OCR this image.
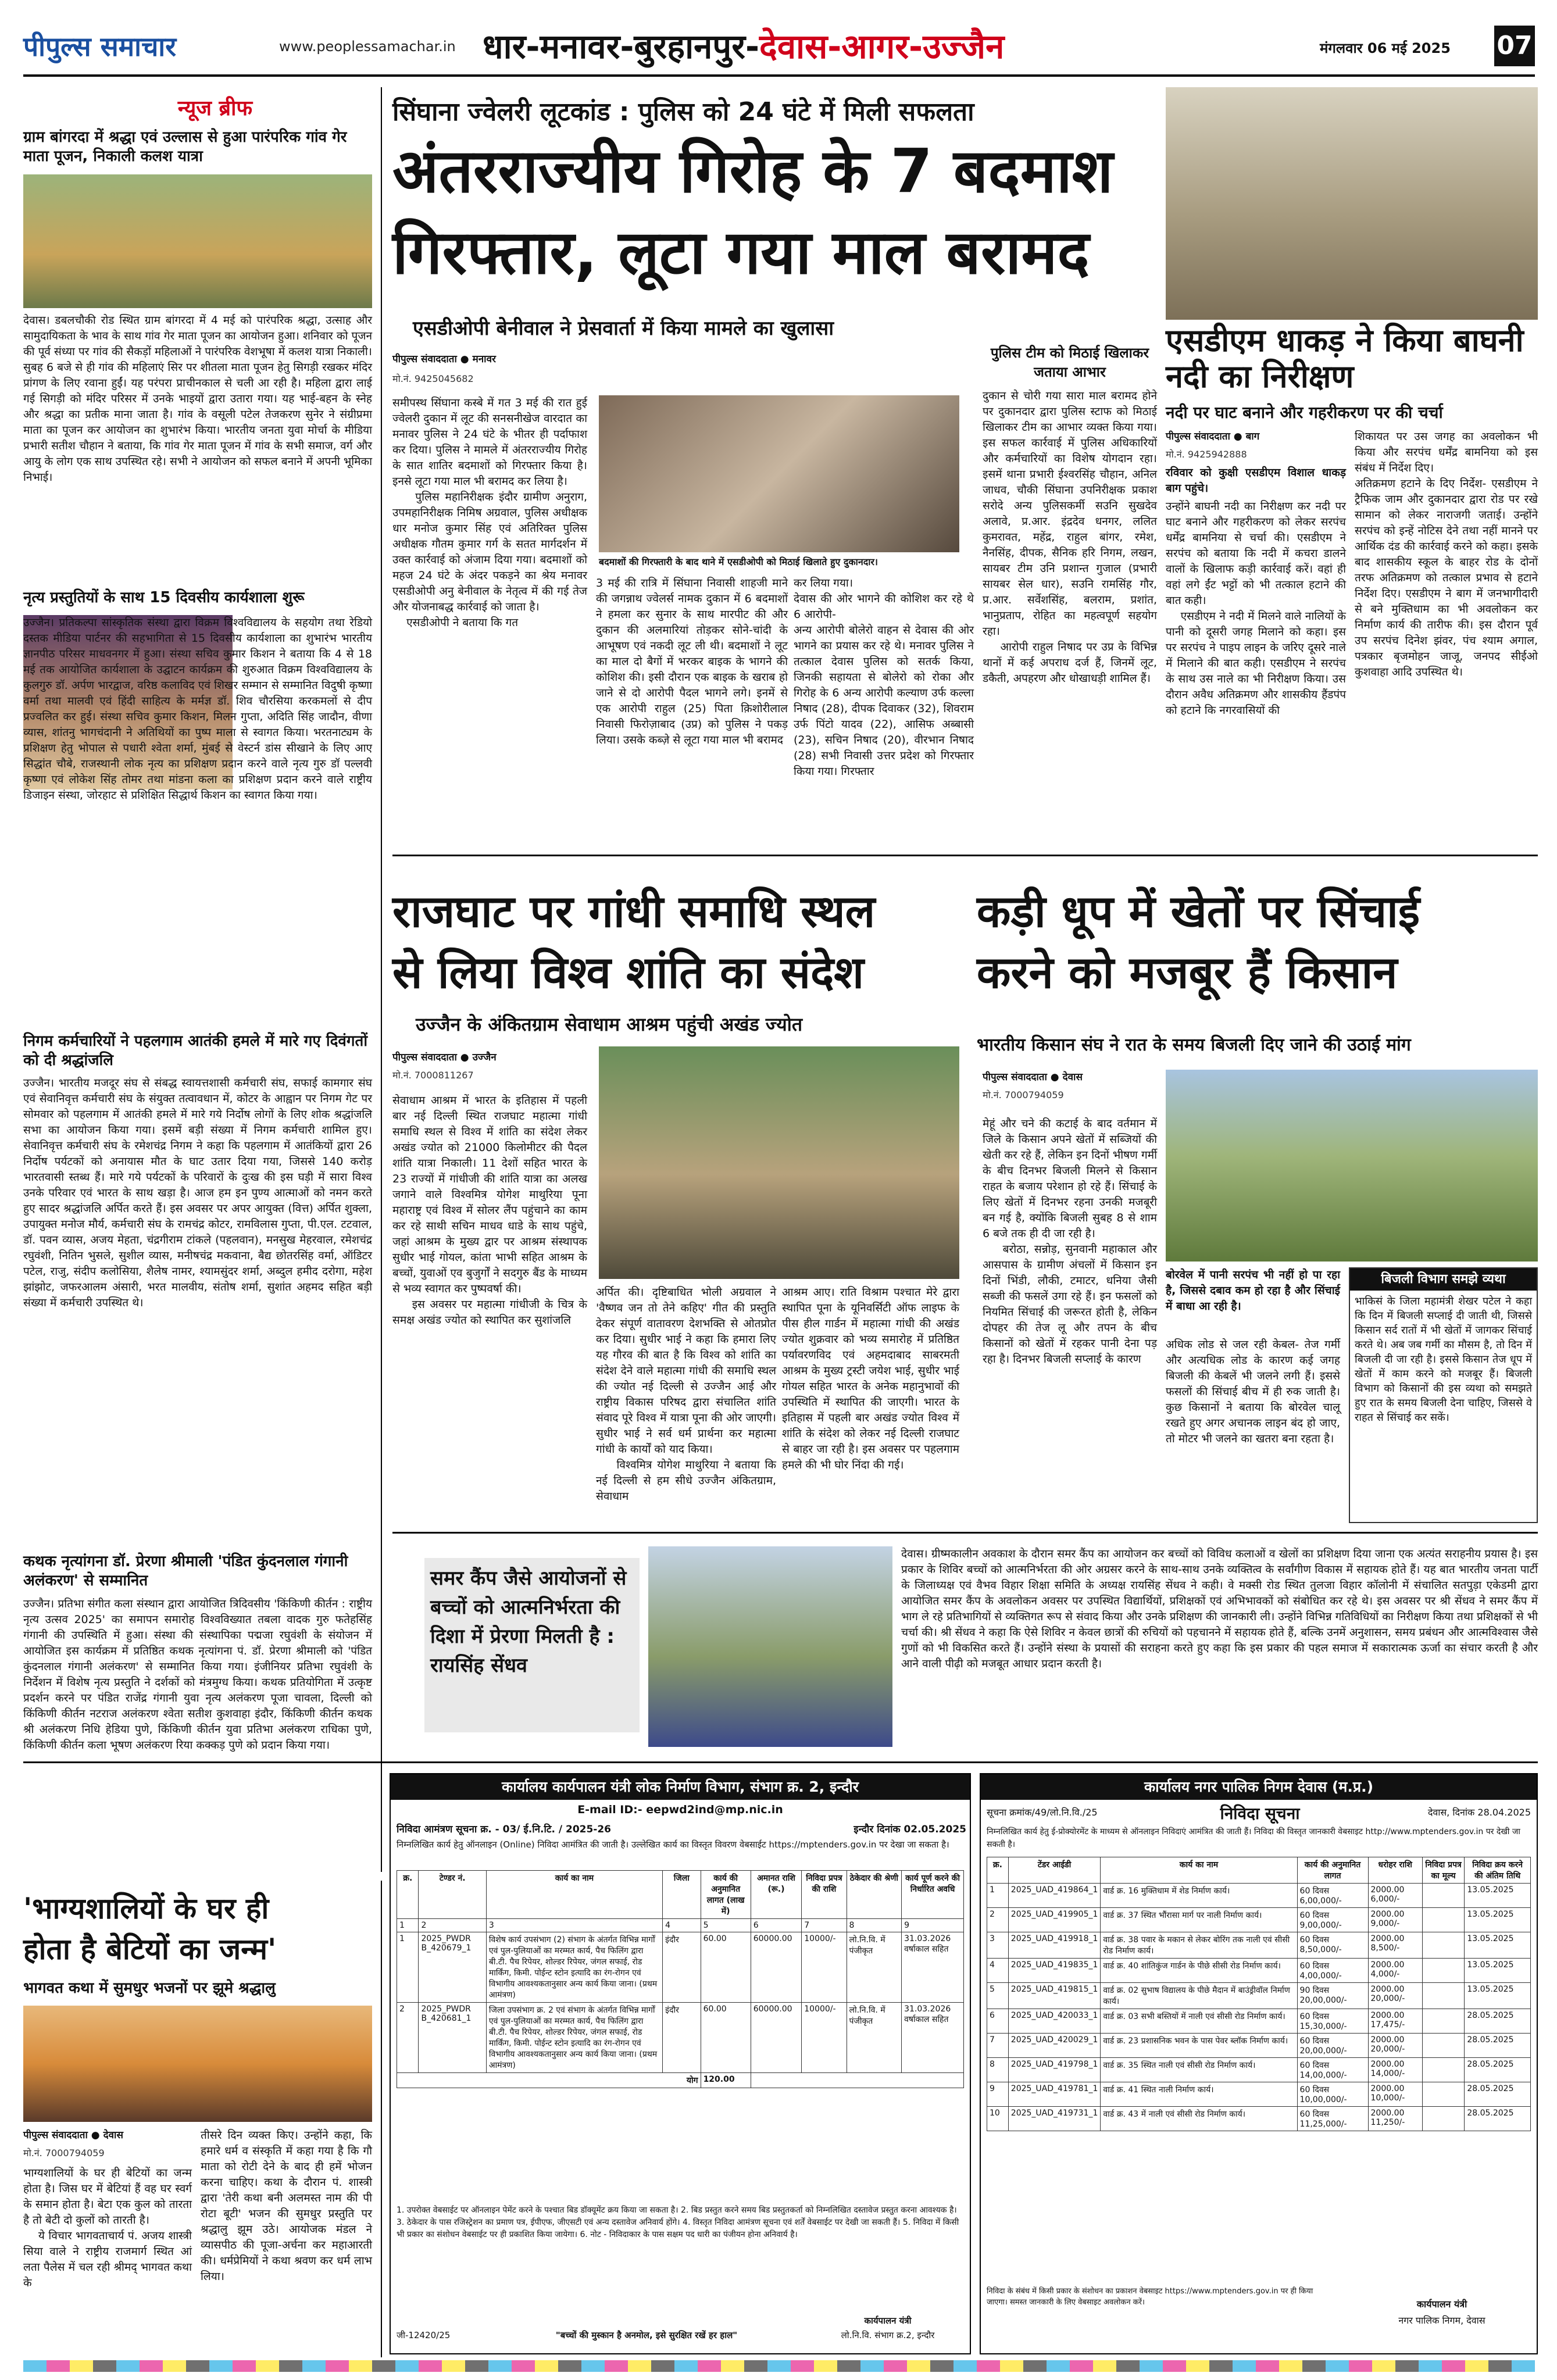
पीपुल्स समाचार	www.peoplessamachar.in धार-मनावर-बुरहानपुर-देवास-आगर-उज्जैन	मंगलवार 06 मई 2025	07
न्यूज ब्रीफ
ग्राम बांगरदा में श्रद्धा एवं उल्लास से हुआ पारंपरिक गांव गेर माता पूजन, निकाली कलश यात्रा
देवास। डबलचौकी रोड स्थित ग्राम बांगरदा में 4 मई को पारंपरिक श्रद्धा, उत्साह और सामुदायिकता के भाव के साथ गांव गेर माता पूजन का आयोजन हुआ। शनिवार को पूजन की पूर्व संध्या पर गांव की सैकड़ों महिलाओं ने पारंपरिक वेशभूषा में कलश यात्रा निकाली। सुबह 6 बजे से ही गांव की महिलाएं सिर पर शीतला माता पूजन हेतु सिगड़ी रखकर मंदिर प्रांगण के लिए रवाना हुईं। यह परंपरा प्राचीनकाल से चली आ रही है। महिला द्वारा लाई गई सिगड़ी को मंदिर परिसर में उनके भाइयों द्वारा उतारा गया। यह भाई-बहन के स्नेह और श्रद्धा का प्रतीक माना जाता है। गांव के वसूली पटेल तेजकरण सुनेर ने संग्रीप्रमा माता का पूजन कर आयोजन का शुभारंभ किया। भारतीय जनता युवा मोर्चा के मीडिया प्रभारी सतीश चौहान ने बताया, कि गांव गेर माता पूजन में गांव के सभी समाज, वर्ग और आयु के लोग एक साथ उपस्थित रहे। सभी ने आयोजन को सफल बनाने में अपनी भूमिका निभाई।
नृत्य प्रस्तुतियों के साथ 15 दिवसीय कार्यशाला शुरू
उज्जैन। प्रतिकल्पा सांस्कृतिक संस्था द्वारा विक्रम विश्वविद्यालय के सहयोग तथा रेडियो दस्तक मीडिया पार्टनर की सहभागिता से 15 दिवसीय कार्यशाला का शुभारंभ भारतीय ज्ञानपीठ परिसर माधवनगर में हुआ। संस्था सचिव कुमार किशन ने बताया कि 4 से 18 मई तक आयोजित कार्यशाला के उद्घाटन कार्यक्रम की शुरुआत विक्रम विश्वविद्यालय के कुलगुरु डॉ. अर्पण भारद्वाज, वरिष्ठ कलाविद एवं शिखर सम्मान से सम्मानित विदुषी कृष्णा वर्मा तथा मालवी एवं हिंदी साहित्य के मर्मज्ञ डॉ. शिव चौरसिया करकमलों से दीप प्रज्वलित कर हुई। संस्था सचिव कुमार किशन, मिलन गुप्ता, अदिति सिंह जादौन, वीणा व्यास, शांतनु भागचंदानी ने अतिथियों का पुष्प माला से स्वागत किया। भरतनाट्यम के प्रशिक्षण हेतु भोपाल से पधारी श्वेता शर्मा, मुंबई से वेस्टर्न डांस सीखाने के लिए आए सिद्धांत चौबे, राजस्थानी लोक नृत्य का प्रशिक्षण प्रदान करने वाले नृत्य गुरु डॉ पल्लवी कृष्णा एवं लोकेश सिंह तोमर तथा मांडना कला का प्रशिक्षण प्रदान करने वाले राष्ट्रीय डिजाइन संस्था, जोरहाट से प्रशिक्षित सिद्धार्थ किशन का स्वागत किया गया।
निगम कर्मचारियों ने पहलगाम आतंकी हमले में मारे गए दिवंगतों को दी श्रद्धांजलि
उज्जैन। भारतीय मजदूर संघ से संबद्ध स्वायत्तशासी कर्मचारी संघ, सफाई कामगार संघ एवं सेवानिवृत्त कर्मचारी संघ के संयुक्त तत्वावधान में, कोटर के आह्वान पर निगम गेट पर सोमवार को पहलगाम में आतंकी हमले में मारे गये निर्दोष लोगों के लिए शोक श्रद्धांजलि सभा का आयोजन किया गया। इसमें बड़ी संख्या में निगम कर्मचारी शामिल हुए। सेवानिवृत्त कर्मचारी संघ के रमेशचंद्र निगम ने कहा कि पहलगाम में आतंकियों द्वारा 26 निर्दोष पर्यटकों को अनायास मौत के घाट उतार दिया गया, जिससे 140 करोड़ भारतवासी स्तब्ध हैं। मारे गये पर्यटकों के परिवारों के दुःख की इस घड़ी में सारा विश्व उनके परिवार एवं भारत के साथ खड़ा है। आज हम इन पुण्य आत्माओं को नमन करते हुए सादर श्रद्धांजलि अर्पित करते हैं। इस अवसर पर अपर आयुक्त (वित्त) अर्पित शुक्ला, उपायुक्त मनोज मौर्य, कर्मचारी संघ के रामचंद्र कोटर, रामविलास गुप्ता, पी.एल. टटवाल, डॉ. पवन व्यास, अजय मेहता, चंद्रगीराम टांकले (पहलवान), मनसुख मेहरवाल, रमेशचंद्र रघुवंशी, नितिन भुसले, सुशील व्यास, मनीषचंद्र मकवाना, बैद्य छोतरसिंह वर्मा, ऑडिटर पटेल, राजु, संदीप कलोसिया, शैलेष नामर, श्यामसुंदर शर्मा, अब्दुल हमीद दरोगा, महेश झांझोट, जफरआलम अंसारी, भरत मालवीय, संतोष शर्मा, सुशांत अहमद सहित बड़ी संख्या में कर्मचारी उपस्थित थे।
कथक नृत्यांगना डॉ. प्रेरणा श्रीमाली 'पंडित कुंदनलाल गंगानी अलंकरण' से सम्मानित
उज्जैन। प्रतिभा संगीत कला संस्थान द्वारा आयोजित त्रिदिवसीय 'किंकिणी कीर्तन : राष्ट्रीय नृत्य उत्सव 2025' का समापन समारोह विश्वविख्यात तबला वादक गुरु फतेहसिंह गंगानी की उपस्थिति में हुआ। संस्था की संस्थापिका पद्मजा रघुवंशी के संयोजन में आयोजित इस कार्यक्रम में प्रतिष्ठित कथक नृत्यांगना पं. डॉ. प्रेरणा श्रीमाली को 'पंडित कुंदनलाल गंगानी अलंकरण' से सम्मानित किया गया। इंजीनियर प्रतिभा रघुवंशी के निर्देशन में विशेष नृत्य प्रस्तुति ने दर्शकों को मंत्रमुग्ध किया। कथक प्रतियोगिता में उत्कृष्ट प्रदर्शन करने पर पंडित राजेंद्र गंगानी युवा नृत्य अलंकरण पूजा चावला, दिल्ली को किंकिणी कीर्तन नटराज अलंकरण श्वेता सतीश कुशवाहा इंदौर, किंकिणी कीर्तन कथक श्री अलंकरण निधि हेडिया पुणे, किंकिणी कीर्तन युवा प्रतिभा अलंकरण राधिका पुणे, किंकिणी कीर्तन कला भूषण अलंकरण रिया कक्कड़ पुणे को प्रदान किया गया।
सिंघाना ज्वेलरी लूटकांड : पुलिस को 24 घंटे में मिली सफलता
अंतरराज्यीय गिरोह के 7 बदमाश
गिरफ्तार, लूटा गया माल बरामद
एसडीओपी बेनीवाल ने प्रेसवार्ता में किया मामले का खुलासा
पीपुल्स संवाददाता ● मनावर
मो.नं. 9425045682
बदमाशों की गिरफ्तारी के बाद थाने में एसडीओपी को मिठाई खिलाते हुए दुकानदार।
समीपस्थ सिंघाना कस्बे में गत 3 मई की रात हुई ज्वेलरी दुकान में लूट की सनसनीखेज वारदात का मनावर पुलिस ने 24 घंटे के भीतर ही पर्दाफाश कर दिया। पुलिस ने मामले में अंतरराज्यीय गिरोह के सात शातिर बदमाशों को गिरफ्तार किया है। इनसे लूटा गया माल भी बरामद कर लिया है।
पुलिस महानिरीक्षक इंदौर ग्रामीण अनुराग, उपमहानिरीक्षक निमिष अग्रवाल, पुलिस अधीक्षक धार मनोज कुमार सिंह एवं अतिरिक्त पुलिस अधीक्षक गौतम कुमार गर्ग के सतत मार्गदर्शन में उक्त कार्रवाई को अंजाम दिया गया। बदमाशों को महज 24 घंटे के अंदर पकड़ने का श्रेय मनावर एसडीओपी अनु बेनीवाल के नेतृत्व में की गई तेज और योजनाबद्ध कार्रवाई को जाता है।
एसडीओपी ने बताया कि गत
3 मई की रात्रि में सिंघाना निवासी शाहजी माने की जगन्नाथ ज्वेलर्स नामक दुकान में 6 बदमाशों ने हमला कर सुनार के साथ मारपीट की और दुकान की अलमारियां तोड़कर सोने-चांदी के आभूषण एवं नकदी लूट ली थी। बदमाशों ने लूट का माल दो बैगों में भरकर बाइक के भागने की कोशिश की। इसी दौरान एक बाइक के खराब हो जाने से दो आरोपी पैदल भागने लगे। इनमें से एक आरोपी राहुल (25) पिता क़िशोरीलाल निवासी फिरोज़ाबाद (उप्र) को पुलिस ने पकड़ लिया। उसके कब्ज़े से लूटा गया माल भी बरामद
कर लिया गया।
देवास की ओर भागने की कोशिश कर रहे थे 6 आरोपी-
अन्य आरोपी बोलेरो वाहन से देवास की ओर भागने का प्रयास कर रहे थे। मनावर पुलिस ने तत्काल देवास पुलिस को सतर्क किया, जिनकी सहायता से बोलेरो को रोका और गिरोह के 6 अन्य आरोपी कल्याण उर्फ कल्ला निषाद (28), दीपक दिवाकर (32), शिवराम उर्फ पिंटो यादव (22), आसिफ अब्बासी (23), सचिन निषाद (20), वीरभान निषाद (28) सभी निवासी उत्तर प्रदेश को गिरफ्तार किया गया। गिरफ्तार
पुलिस टीम को मिठाई खिलाकर जताया आभार
दुकान से चोरी गया सारा माल बरामद होने पर दुकानदार द्वारा पुलिस स्टाफ को मिठाई खिलाकर टीम का आभार व्यक्त किया गया। इस सफल कार्रवाई में पुलिस अधिकारियों और कर्मचारियों का विशेष योगदान रहा। इसमें थाना प्रभारी ईश्वरसिंह चौहान, अनिल जाधव, चौकी सिंघाना उपनिरीक्षक प्रकाश सरोदे अन्य पुलिसकर्मी सउनि सुखदेव अलावे, प्र.आर. इंद्रदेव धनगर, ललित कुमरावत, महेंद्र, राहुल बांगर, रमेश, नैनसिंह, दीपक, सैनिक हरि निगम, लखन, सायबर टीम उनि प्रशान्त गुजाल (प्रभारी सायबर सेल धार), सउनि रामसिंह गौर, प्र.आर. सर्वेशसिंह, बलराम, प्रशांत, भानुप्रताप, रोहित का महत्वपूर्ण सहयोग रहा।
आरोपी राहुल निषाद पर उप्र के विभिन्न थानों में कई अपराध दर्ज हैं, जिनमें लूट, डकैती, अपहरण और धोखाधड़ी शामिल हैं।
एसडीएम धाकड़ ने किया बाघनी नदी का निरीक्षण
नदी पर घाट बनाने और गहरीकरण पर की चर्चा
पीपुल्स संवाददाता ● बाग
मो.नं. 9425942888
रविवार को कुक्षी एसडीएम विशाल धाकड़ बाग पहुंचे।
उन्होंने बाघनी नदी का निरीक्षण कर नदी पर घाट बनाने और गहरीकरण को लेकर सरपंच धर्मेंद्र बामनिया से चर्चा की। एसडीएम ने सरपंच को बताया कि नदी में कचरा डालने वालों के खिलाफ कड़ी कार्रवाई करें। वहां ही वहां लगे ईंट भट्टों को भी तत्काल हटाने की बात कही।
एसडीएम ने नदी में मिलने वाले नालियों के पानी को दूसरी जगह मिलाने को कहा। इस पर सरपंच ने पाइप लाइन के जरिए दूसरे नाले में मिलाने की बात कही। एसडीएम ने सरपंच के साथ उस नाले का भी निरीक्षण किया। उस दौरान अवैध अतिक्रमण और शासकीय हैंडपंप को हटाने कि नगरवासियों की
शिकायत पर उस जगह का अवलोकन भी किया और सरपंच धर्मेंद्र बामनिया को इस संबंध में निर्देश दिए।
अतिक्रमण हटाने के दिए निर्देश- एसडीएम ने ट्रैफिक जाम और दुकानदार द्वारा रोड पर रखे सामान को लेकर नाराजगी जताई। उन्होंने सरपंच को इन्हें नोटिस देने तथा नहीं मानने पर आर्थिक दंड की कार्रवाई करने को कहा। इसके बाद शासकीय स्कूल के बाहर रोड के दोनों तरफ अतिक्रमण को तत्काल प्रभाव से हटाने निर्देश दिए। एसडीएम ने बाग में जनभागीदारी से बने मुक्तिधाम का भी अवलोकन कर निर्माण कार्य की तारीफ की। इस दौरान पूर्व उप सरपंच दिनेश झंवर, पंच श्याम अगाल, पत्रकार बृजमोहन जाजू, जनपद सीईओ कुशवाहा आदि उपस्थित थे।
राजघाट पर गांधी समाधि स्थल
से लिया विश्व शांति का संदेश
उज्जैन के अंकितग्राम सेवाधाम आश्रम पहुंची अखंड ज्योत
पीपुल्स संवाददाता ● उज्जैन
मो.नं. 7000811267
सेवाधाम आश्रम में भारत के इतिहास में पहली बार नई दिल्ली स्थित राजघाट महात्मा गांधी समाधि स्थल से विश्व में शांति का संदेश लेकर अखंड ज्योत को 21000 किलोमीटर की पैदल शांति यात्रा निकाली। 11 देशों सहित भारत के 23 राज्यों में गांधीजी की शांति यात्रा का अलख जगाने वाले विश्वमित्र योगेश माथुरिया पूना महाराष्ट्र एवं विश्व में सोलर लैंप पहुंचाने का काम कर रहे साथी सचिन माधव धाडे के साथ पहुंचे, जहां आश्रम के मुख्य द्वार पर आश्रम संस्थापक सुधीर भाई गोयल, कांता भाभी सहित आश्रम के बच्चों, युवाओं एव बुजुर्गों ने सदगुरु बैंड के माध्यम से भव्य स्वागत कर पुष्पवर्षा की।
इस अवसर पर महात्मा गांधीजी के चित्र के समक्ष अखंड ज्योत को स्थापित कर सुशांजलि
अर्पित की। दृष्टिबाधित भोली अग्रवाल ने 'वैष्णव जन तो तेने कहिए' गीत की प्रस्तुति देकर संपूर्ण वातावरण देशभक्ति से ओतप्रोत कर दिया। सुधीर भाई ने कहा कि हमारा लिए यह गौरव की बात है कि विश्व को शांति का संदेश देने वाले महात्मा गांधी की समाधि स्थल की ज्योत नई दिल्ली से उज्जैन आई और राष्ट्रीय विकास परिषद द्वारा संचालित शांति संवाद पूरे विश्व में यात्रा पूना की ओर जाएगी। सुधीर भाई ने सर्व धर्म प्रार्थना कर महात्मा गांधी के कार्यों को याद किया।
विश्वमित्र योगेश माथुरिया ने बताया कि नई दिल्ली से हम सीधे उज्जैन अंकितग्राम, सेवाधाम
आश्रम आए। राति विश्राम पश्चात मेरे द्वारा स्थापित पूना के यूनिवर्सिटी ऑफ लाइफ के पीस हील गार्डन में महात्मा गांधी की अखंड ज्योत शुक्रवार को भव्य समारोह में प्रतिष्ठित पर्यावरणविद एवं अहमदाबाद साबरमती आश्रम के मुख्य ट्रस्टी जयेश भाई, सुधीर भाई गोयल सहित भारत के अनेक महानुभावों की उपस्थिति में स्थापित की जाएगी। भारत के इतिहास में पहली बार अखंड ज्योत विश्व में शांति के संदेश को लेकर नई दिल्ली राजघाट से बाहर जा रही है। इस अवसर पर पहलगाम हमले की भी घोर निंदा की गई।
कड़ी धूप में खेतों पर सिंचाई
करने को मजबूर हैं किसान
भारतीय किसान संघ ने रात के समय बिजली दिए जाने की उठाई मांग
पीपुल्स संवाददाता ● देवास
मो.नं. 7000794059
मेहूं और चने की कटाई के बाद वर्तमान में जिले के किसान अपने खेतों में सब्जियों की खेती कर रहे हैं, लेकिन इन दिनों भीषण गर्मी के बीच दिनभर बिजली मिलने से किसान राहत के बजाय परेशान हो रहे हैं। सिंचाई के लिए खेतों में दिनभर रहना उनकी मजबूरी बन गई है, क्योंकि बिजली सुबह 8 से शाम 6 बजे तक ही दी जा रही है।
बरोठा, सन्नोड़, सुनवानी महाकाल और आसपास के ग्रामीण अंचलों में किसान इन दिनों भिंडी, लौकी, टमाटर, धनिया जैसी सब्जी की फसलें उगा रहे हैं। इन फसलों को नियमित सिंचाई की जरूरत होती है, लेकिन दोपहर की तेज लू और तपन के बीच किसानों को खेतों में रहकर पानी देना पड़ रहा है। दिनभर बिजली सप्लाई के कारण
बोरवेल में पानी सरपंच भी नहीं हो पा रहा है, जिससे दबाव कम हो रहा है और सिंचाई में बाधा आ रही है।
अधिक लोड से जल रही केबल- तेज गर्मी और अत्यधिक लोड के कारण कई जगह बिजली की केबलें भी जलने लगी हैं। इससे फसलों की सिंचाई बीच में ही रुक जाती है। कुछ किसानों ने बताया कि बोरवेल चालू रखते हुए अगर अचानक लाइन बंद हो जाए, तो मोटर भी जलने का खतरा बना रहता है।
बिजली विभाग समझे व्यथा
भाकिसं के जिला महामंत्री शेखर पटेल ने कहा कि दिन में बिजली सप्लाई दी जाती थी, जिससे किसान सर्द रातों में भी खेतों में जागकर सिंचाई करते थे। अब जब गर्मी का मौसम है, तो दिन में बिजली दी जा रही है। इससे किसान तेज धूप में खेतों में काम करने को मजबूर हैं। बिजली विभाग को किसानों की इस व्यथा को समझते हुए रात के समय बिजली देना चाहिए, जिससे वे राहत से सिंचाई कर सकें।
समर कैंप जैसे आयोजनों से बच्चों को आत्मनिर्भरता की दिशा में प्रेरणा मिलती है : रायसिंह सेंधव
देवास। ग्रीष्मकालीन अवकाश के दौरान समर कैंप का आयोजन कर बच्चों को विविध कलाओं व खेलों का प्रशिक्षण दिया जाना एक अत्यंत सराहनीय प्रयास है। इस प्रकार के शिविर बच्चों को आत्मनिर्भरता की ओर अग्रसर करने के साथ-साथ उनके व्यक्तित्व के सर्वांगीण विकास में सहायक होते हैं। यह बात भारतीय जनता पार्टी के जिलाध्यक्ष एवं वैभव विहार शिक्षा समिति के अध्यक्ष रायसिंह सेंधव ने कही। वे मक्सी रोड स्थित तुलजा विहार कॉलोनी में संचालित सतपुड़ा एकेडमी द्वारा आयोजित समर कैंप के अवलोकन अवसर पर उपस्थित विद्यार्थियों, प्रशिक्षकों एवं अभिभावकों को संबोधित कर रहे थे। इस अवसर पर श्री सेंधव ने समर कैंप में भाग ले रहे प्रतिभागियों से व्यक्तिगत रूप से संवाद किया और उनके प्रशिक्षण की जानकारी ली। उन्होंने विभिन्न गतिविधियों का निरीक्षण किया तथा प्रशिक्षकों से भी चर्चा की। श्री सेंधव ने कहा कि ऐसे शिविर न केवल छात्रों की रुचियों को पहचानने में सहायक होते हैं, बल्कि उनमें अनुशासन, समय प्रबंधन और आत्मविश्वास जैसे गुणों को भी विकसित करते हैं। उन्होंने संस्था के प्रयासों की सराहना करते हुए कहा कि इस प्रकार की पहल समाज में सकारात्मक ऊर्जा का संचार करती है और आने वाली पीढ़ी को मजबूत आधार प्रदान करती है।
'भाग्यशालियों के घर ही
होता है बेटियों का जन्म'
भागवत कथा में सुमधुर भजनों पर झूमे श्रद्धालु
पीपुल्स संवाददाता ● देवास
मो.नं. 7000794059
भाग्यशालियों के घर ही बेटियों का जन्म होता है। जिस घर में बेटियां हैं वह घर स्वर्ग के समान होता है। बेटा एक कुल को तारता है तो बेटी दो कुलों को तारती है।
ये विचार भागवताचार्य पं. अजय शास्त्री सिया वाले ने राष्ट्रीय राजमार्ग स्थित आं लता पैलेस में चल रही श्रीमद् भागवत कथा के
तीसरे दिन व्यक्त किए। उन्होंने कहा, कि हमारे धर्म व संस्कृति में कहा गया है कि गौ माता को रोटी देने के बाद ही हमें भोजन करना चाहिए। कथा के दौरान पं. शास्त्री द्वारा 'तेरी कथा बनी अलमस्त नाम की पी रोटा बूटी' भजन की सुमधुर प्रस्तुति पर श्रद्धालु झूम उठे। आयोजक मंडल ने व्यासपीठ की पूजा-अर्चना कर महाआरती की। धर्मप्रेमियों ने कथा श्रवण कर धर्म लाभ लिया।
कार्यालय कार्यपालन यंत्री लोक निर्माण विभाग, संभाग क्र. 2, इन्दौर
E-mail ID:- eepwd2ind@mp.nic.in
निविदा आमंत्रण सूचना क्र. - 03/ ई.नि.टि. / 2025-26	इन्दौर दिनांक 02.05.2025
निम्नलिखित कार्य हेतु ऑनलाइन (Online) निविदा आमंत्रित की जाती है। उल्लेखित कार्य का विस्तृत विवरण वेबसाईट https://mptenders.gov.in पर देखा जा सकता है।
क्र.	टेण्डर नं.	कार्य का नाम	जिला	कार्य की अनुमानित लागत (लाख में)	अमानत राशि (रू.)	निविदा प्रपत्र की राशि	ठेकेदार की श्रेणी	कार्य पूर्ण करने की निर्धारित अवधि
1	2	3	4	5	6	7	8	9
1	2025_PWDR B_420679_1	विशेष कार्य उपसंभाग (2) संभाग के अंतर्गत विभिन्न मार्गों एवं पुल-पुलियाओं का मरम्मत कार्य, पैच फिलिंग द्वारा बी.टी. पैच रिपेयर, शोल्डर रिपेयर, जंगल सफाई, रोड मार्किंग, किमी. पोईन्ट स्टोन इत्यादि का रंग-रोगन एवं विभागीय आवश्यकतानुसार अन्य कार्य किया जाना। (प्रथम आमंत्रण)	इंदौर	60.00	60000.00	10000/-	लो.नि.वि. में पंजीकृत	31.03.2026 वर्षाकाल सहित
2	2025_PWDR B_420681_1	जिला उपसंभाग क्र. 2 एवं संभाग के अंतर्गत विभिन्न मार्गों एवं पुल-पुलियाओं का मरम्मत कार्य, पैच फिलिंग द्वारा बी.टी. पैच रिपेयर, शोल्डर रिपेयर, जंगल सफाई, रोड मार्किंग, किमी. पोईन्ट स्टोन इत्यादि का रंग-रोगन एवं विभागीय आवश्यकतानुसार अन्य कार्य किया जाना। (प्रथम आमंत्रण)	इंदौर	60.00	60000.00	10000/-	लो.नि.वि. में पंजीकृत	31.03.2026 वर्षाकाल सहित
योग				120.00				
1. उपरोक्त वेबसाईट पर ऑनलाइन पेमेंट करने के पश्चात बिड डॉक्यूमेंट क्रय किया जा सकता है। 2. बिड प्रस्तुत करने समय बिड प्रस्तुतकर्ता को निम्नलिखित दस्तावेज प्रस्तुत करना आवश्यक है। 3. ठेकेदार के पास रजिस्ट्रेशन का प्रमाण पत्र, ईपीएफ, जीएसटी एवं अन्य दस्तावेज अनिवार्य होंगे। 4. विस्तृत निविदा आमंत्रण सूचना एवं शर्तें वेबसाईट पर देखी जा सकती हैं। 5. निविदा में किसी भी प्रकार का संशोधन वेबसाईट पर ही प्रकाशित किया जायेगा। 6. नोट - निविदाकार के पास सक्षम पद धारी का पंजीयन होना अनिवार्य है।
जी-12420/25	"बच्चों की मुस्कान है अनमोल, इसे सुरक्षित रखें हर हाल"
कार्यपालन यंत्री
लो.नि.वि. संभाग क्र.2, इन्दौर
कार्यालय नगर पालिक निगम देवास (म.प्र.)
सूचना क्रमांक/49/लो.नि.वि./25	निविदा सूचना	देवास, दिनांक 28.04.2025
निम्नलिखित कार्य हेतु ई-प्रोक्योरमेंट के माध्यम से ऑनलाइन निविदाएं आमंत्रित की जाती हैं। निविदा की विस्तृत जानकारी वेबसाइट http://www.mptenders.gov.in पर देखी जा सकती है।
क्र.	टेंडर आईडी	कार्य का नाम	कार्य की अनुमानित लागत	धरोहर राशि	निविदा प्रपत्र का मूल्य	निविदा क्रय करने की अंतिम तिथि
1	2025_UAD_419864_1	वार्ड क्र. 16 मुक्तिधाम में शेड निर्माण कार्य।	60 दिवस 6,00,000/-	2000.00 6,000/-		13.05.2025
2	2025_UAD_419905_1	वार्ड क्र. 37 स्थित भौंरासा मार्ग पर नाली निर्माण कार्य।	60 दिवस 9,00,000/-	2000.00 9,000/-		13.05.2025
3	2025_UAD_419918_1	वार्ड क्र. 38 पवार के मकान से लेकर बोरिंग तक नाली एवं सीसी रोड निर्माण कार्य।	60 दिवस 8,50,000/-	2000.00 8,500/-		13.05.2025
4	2025_UAD_419835_1	वार्ड क्र. 40 शांतिकुंज गार्डन के पीछे सीसी रोड निर्माण कार्य।	60 दिवस 4,00,000/-	2000.00 4,000/-		13.05.2025
5	2025_UAD_419815_1	वार्ड क्र. 02 सुभाष विद्यालय के पीछे मैदान में बाउंड्रीवॉल निर्माण कार्य।	90 दिवस 20,00,000/-	2000.00 20,000/-		13.05.2025
6	2025_UAD_420033_1	वार्ड क्र. 03 सभी बस्तियों में नाली एवं सीसी रोड निर्माण कार्य।	60 दिवस 15,30,000/-	2000.00 17,475/-		28.05.2025
7	2025_UAD_420029_1	वार्ड क्र. 23 प्रशासनिक भवन के पास पेवर ब्लॉक निर्माण कार्य।	60 दिवस 20,00,000/-	2000.00 20,000/-		28.05.2025
8	2025_UAD_419798_1	वार्ड क्र. 35 स्थित नाली एवं सीसी रोड निर्माण कार्य।	60 दिवस 14,00,000/-	2000.00 14,000/-		28.05.2025
9	2025_UAD_419781_1	वार्ड क्र. 41 स्थित नाली निर्माण कार्य।	60 दिवस 10,00,000/-	2000.00 10,000/-		28.05.2025
10	2025_UAD_419731_1	वार्ड क्र. 43 में नाली एवं सीसी रोड निर्माण कार्य।	60 दिवस 11,25,000/-	2000.00 11,250/-		28.05.2025
निविदा के संबंध में किसी प्रकार के संशोधन का प्रकाशन वेबसाइट https://www.mptenders.gov.in पर ही किया जाएगा। समस्त जानकारी के लिए वेबसाइट अवलोकन करें।	कार्यपालन यंत्री
नगर पालिक निगम, देवास
